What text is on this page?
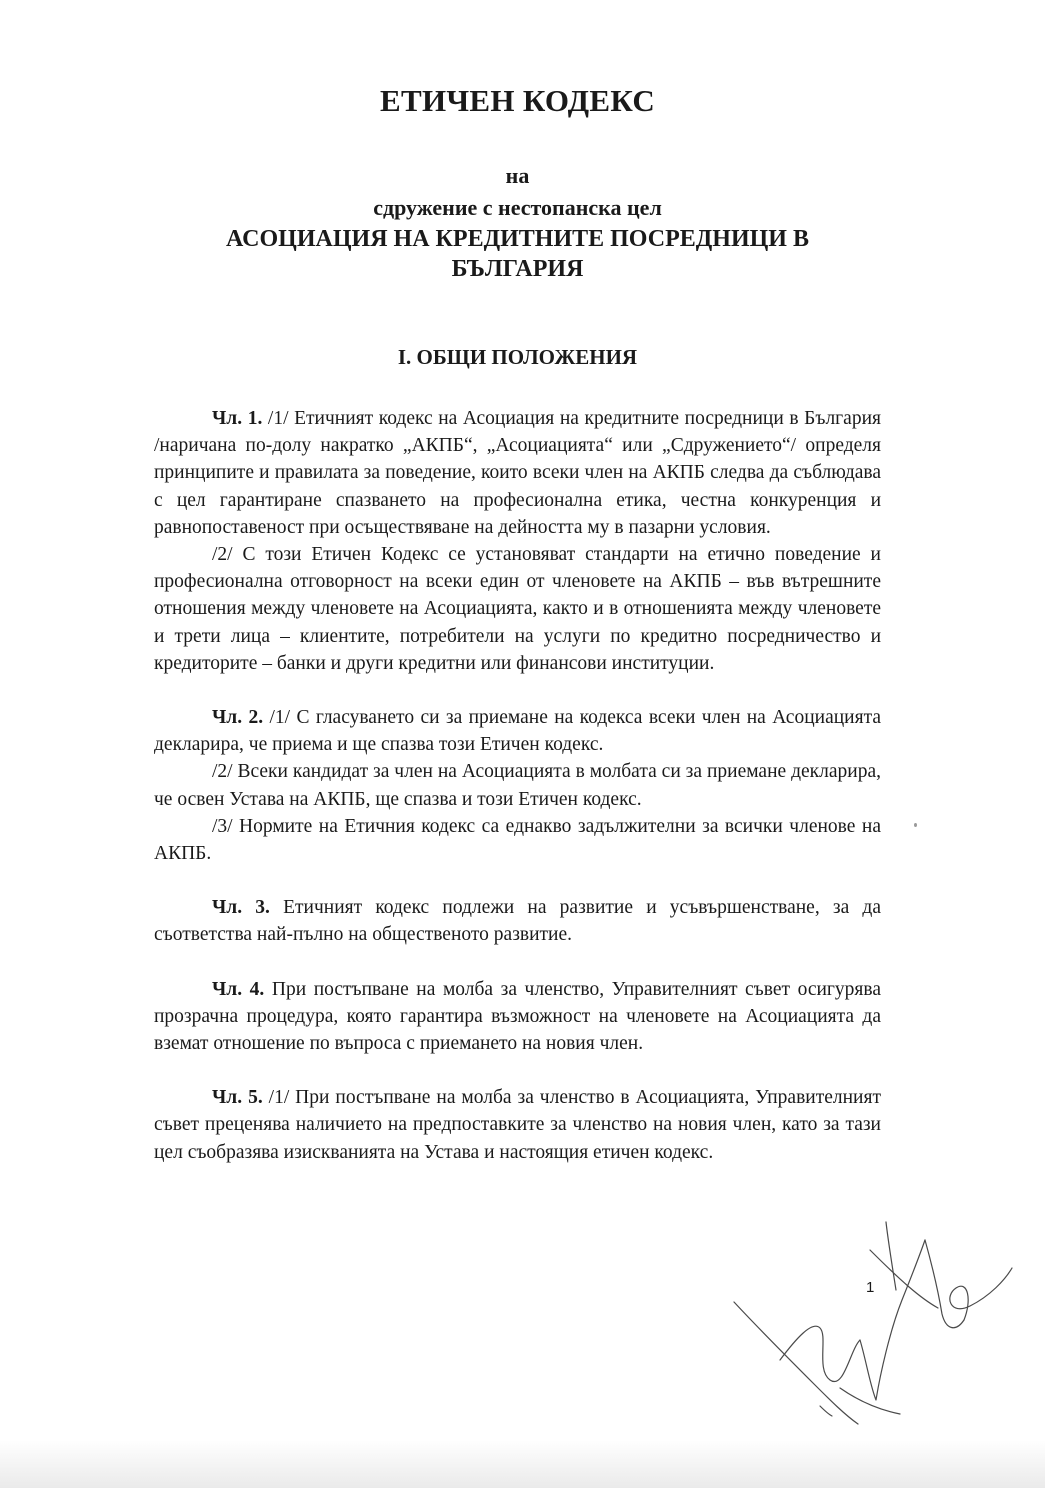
ЕТИЧЕН КОДЕКС
на
сдружение с нестопанска цел
АСОЦИАЦИЯ НА КРЕДИТНИТЕ ПОСРЕДНИЦИ В
БЪЛГАРИЯ
I. ОБЩИ ПОЛОЖЕНИЯ

Чл. 1. /1/ Етичният кодекс на Асоциация на кредитните посредници в България /наричана по-долу накратко „АКПБ“, „Асоциацията“ или „Сдружението“/ определя принципите и правилата за поведение, които всеки член на АКПБ следва да съблюдава с цел гарантиране спазването на професионална етика, честна конкуренция и равнопоставеност при осъществяване на дейността му в пазарни условия.

/2/ С този Етичен Кодекс се установяват стандарти на етично поведение и професионална отговорност на всеки един от членовете на АКПБ – във вътрешните отношения между членовете на Асоциацията, както и в отношенията между членовете и трети лица – клиентите, потребители на услуги по кредитно посредничество и кредиторите – банки и други кредитни или финансови институции.

Чл. 2. /1/ С гласуването си за приемане на кодекса всеки член на Асоциацията декларира, че приема и ще спазва този Етичен кодекс.

/2/ Всеки кандидат за член на Асоциацията в молбата си за приемане декларира, че освен Устава на АКПБ, ще спазва и този Етичен кодекс.

/3/ Нормите на Етичния кодекс са еднакво задължителни за всички членове на АКПБ.

Чл. 3. Етичният кодекс подлежи на развитие и усъвършенстване, за да съответства най-пълно на общественото развитие.

Чл. 4. При постъпване на молба за членство, Управителният съвет осигурява прозрачна процедура, която гарантира възможност на членовете на Асоциацията да вземат отношение по въпроса с приемането на новия член.

Чл. 5. /1/ При постъпване на молба за членство в Асоциацията, Управителният съвет преценява наличието на предпоставките за членство на новия член, като за тази цел съобразява изискванията на Устава и настоящия етичен кодекс.

1
